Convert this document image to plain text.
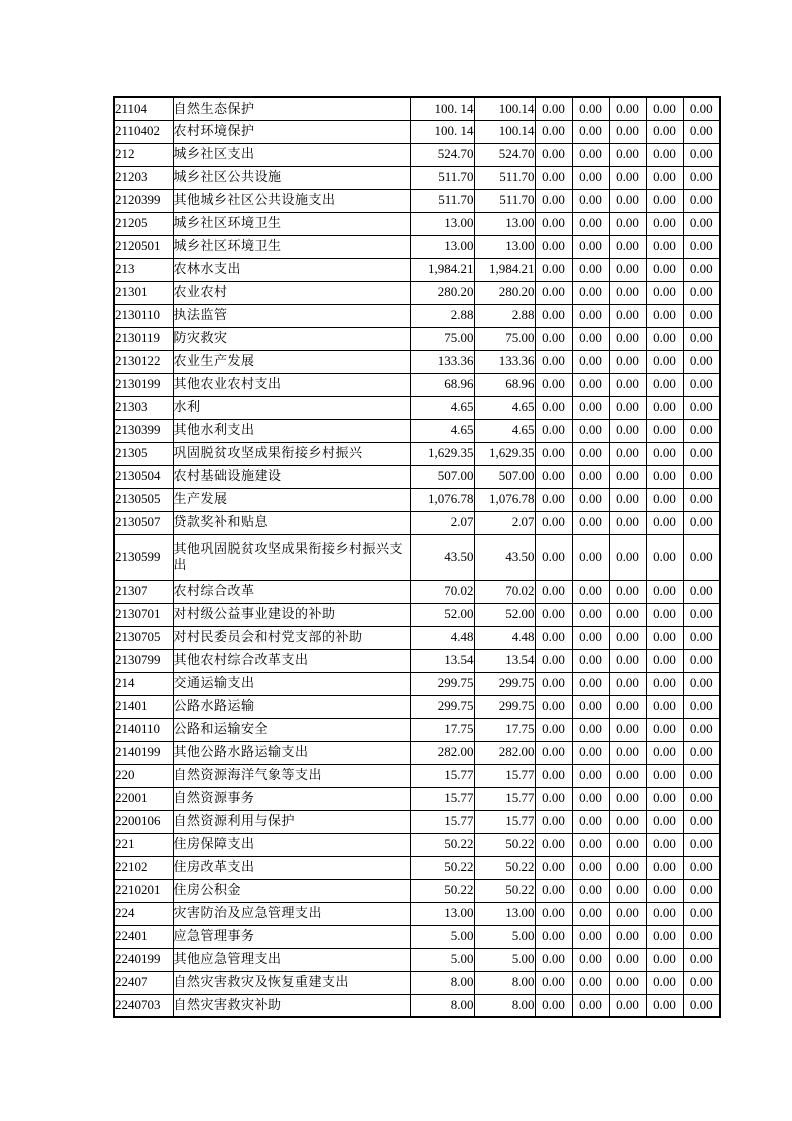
21104	自然生态保护	100. 14	100.14	0.00	0.00	0.00	0.00	0.00
2110402	农村环境保护	100. 14	100.14	0.00	0.00	0.00	0.00	0.00
212	城乡社区支出	524.70	524.70	0.00	0.00	0.00	0.00	0.00
21203	城乡社区公共设施	511.70	511.70	0.00	0.00	0.00	0.00	0.00
2120399	其他城乡社区公共设施支出	511.70	511.70	0.00	0.00	0.00	0.00	0.00
21205	城乡社区环境卫生	13.00	13.00	0.00	0.00	0.00	0.00	0.00
2120501	城乡社区环境卫生	13.00	13.00	0.00	0.00	0.00	0.00	0.00
213	农林水支出	1,984.21	1,984.21	0.00	0.00	0.00	0.00	0.00
21301	农业农村	280.20	280.20	0.00	0.00	0.00	0.00	0.00
2130110	执法监管	2.88	2.88	0.00	0.00	0.00	0.00	0.00
2130119	防灾救灾	75.00	75.00	0.00	0.00	0.00	0.00	0.00
2130122	农业生产发展	133.36	133.36	0.00	0.00	0.00	0.00	0.00
2130199	其他农业农村支出	68.96	68.96	0.00	0.00	0.00	0.00	0.00
21303	水利	4.65	4.65	0.00	0.00	0.00	0.00	0.00
2130399	其他水利支出	4.65	4.65	0.00	0.00	0.00	0.00	0.00
21305	巩固脱贫攻坚成果衔接乡村振兴	1,629.35	1,629.35	0.00	0.00	0.00	0.00	0.00
2130504	农村基础设施建设	507.00	507.00	0.00	0.00	0.00	0.00	0.00
2130505	生产发展	1,076.78	1,076.78	0.00	0.00	0.00	0.00	0.00
2130507	贷款奖补和贴息	2.07	2.07	0.00	0.00	0.00	0.00	0.00
2130599	其他巩固脱贫攻坚成果衔接乡村振兴支出	43.50	43.50	0.00	0.00	0.00	0.00	0.00
21307	农村综合改革	70.02	70.02	0.00	0.00	0.00	0.00	0.00
2130701	对村级公益事业建设的补助	52.00	52.00	0.00	0.00	0.00	0.00	0.00
2130705	对村民委员会和村党支部的补助	4.48	4.48	0.00	0.00	0.00	0.00	0.00
2130799	其他农村综合改革支出	13.54	13.54	0.00	0.00	0.00	0.00	0.00
214	交通运输支出	299.75	299.75	0.00	0.00	0.00	0.00	0.00
21401	公路水路运输	299.75	299.75	0.00	0.00	0.00	0.00	0.00
2140110	公路和运输安全	17.75	17.75	0.00	0.00	0.00	0.00	0.00
2140199	其他公路水路运输支出	282.00	282.00	0.00	0.00	0.00	0.00	0.00
220	自然资源海洋气象等支出	15.77	15.77	0.00	0.00	0.00	0.00	0.00
22001	自然资源事务	15.77	15.77	0.00	0.00	0.00	0.00	0.00
2200106	自然资源利用与保护	15.77	15.77	0.00	0.00	0.00	0.00	0.00
221	住房保障支出	50.22	50.22	0.00	0.00	0.00	0.00	0.00
22102	住房改革支出	50.22	50.22	0.00	0.00	0.00	0.00	0.00
2210201	住房公积金	50.22	50.22	0.00	0.00	0.00	0.00	0.00
224	灾害防治及应急管理支出	13.00	13.00	0.00	0.00	0.00	0.00	0.00
22401	应急管理事务	5.00	5.00	0.00	0.00	0.00	0.00	0.00
2240199	其他应急管理支出	5.00	5.00	0.00	0.00	0.00	0.00	0.00
22407	自然灾害救灾及恢复重建支出	8.00	8.00	0.00	0.00	0.00	0.00	0.00
2240703	自然灾害救灾补助	8.00	8.00	0.00	0.00	0.00	0.00	0.00
